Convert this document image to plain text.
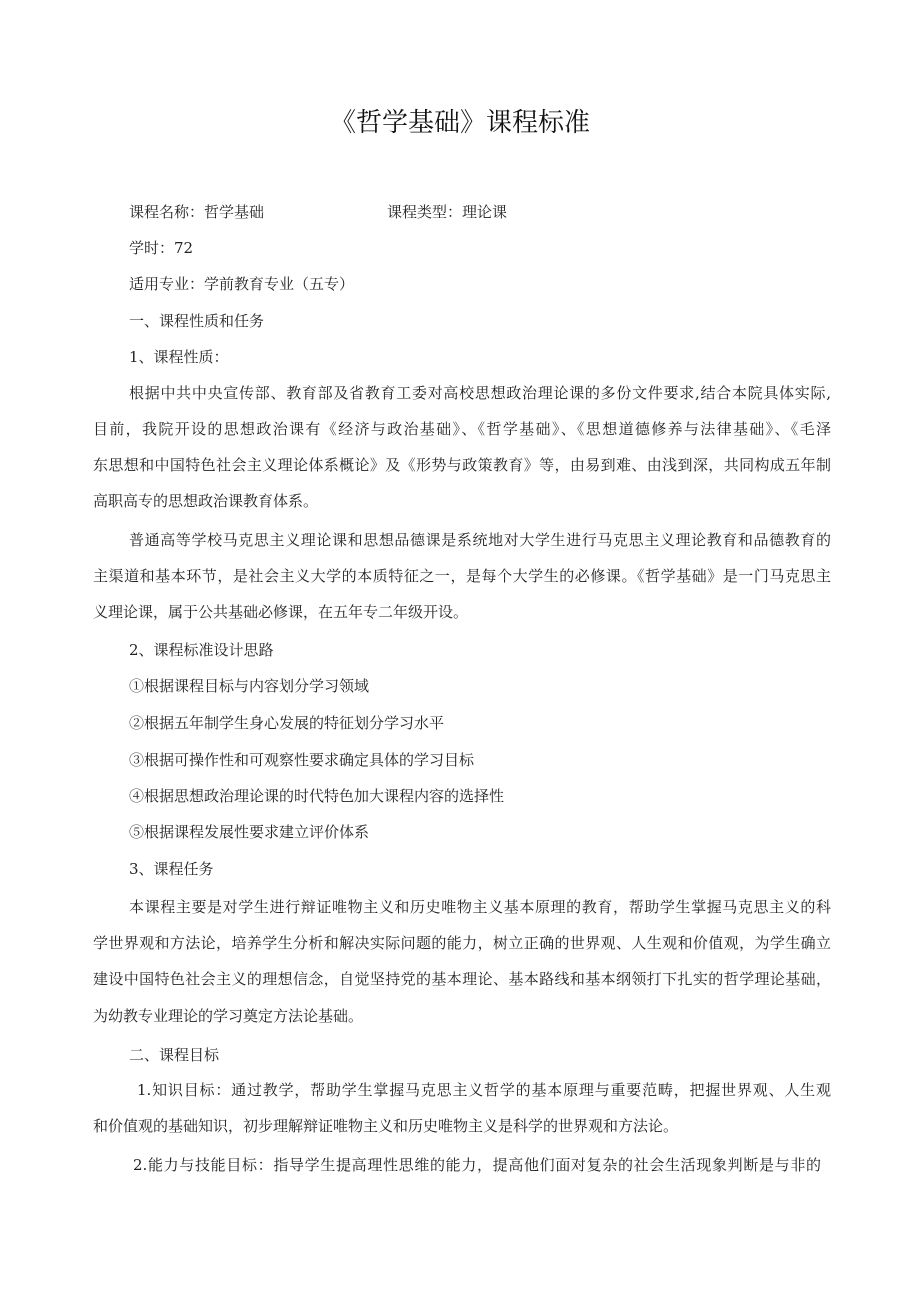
《哲学基础》课程标准
课程名称：哲学基础	课程类型：理论课
学时：72
适用专业：学前教育专业（五专）
一、课程性质和任务
1、课程性质：
根据中共中央宣传部、教育部及省教育工委对高校思想政治理论课的多份文件要求,结合本院具体实际,
目前，我院开设的思想政治课有《经济与政治基础》、《哲学基础》、《思想道德修养与法律基础》、《毛泽
东思想和中国特色社会主义理论体系概论》及《形势与政策教育》等，由易到难、由浅到深，共同构成五年制
高职高专的思想政治课教育体系。
普通高等学校马克思主义理论课和思想品德课是系统地对大学生进行马克思主义理论教育和品德教育的
主渠道和基本环节，是社会主义大学的本质特征之一，是每个大学生的必修课。《哲学基础》是一门马克思主
义理论课，属于公共基础必修课，在五年专二年级开设。
2、课程标准设计思路
①根据课程目标与内容划分学习领域
②根据五年制学生身心发展的特征划分学习水平
③根据可操作性和可观察性要求确定具体的学习目标
④根据思想政治理论课的时代特色加大课程内容的选择性
⑤根据课程发展性要求建立评价体系
3、课程任务
本课程主要是对学生进行辩证唯物主义和历史唯物主义基本原理的教育，帮助学生掌握马克思主义的科
学世界观和方法论，培养学生分析和解决实际问题的能力，树立正确的世界观、人生观和价值观，为学生确立
建设中国特色社会主义的理想信念，自觉坚持党的基本理论、基本路线和基本纲领打下扎实的哲学理论基础，
为幼教专业理论的学习奠定方法论基础。
二、课程目标
1.知识目标：通过教学，帮助学生掌握马克思主义哲学的基本原理与重要范畴，把握世界观、人生观
和价值观的基础知识，初步理解辩证唯物主义和历史唯物主义是科学的世界观和方法论。
2.能力与技能目标：指导学生提高理性思维的能力，提高他们面对复杂的社会生活现象判断是与非的
